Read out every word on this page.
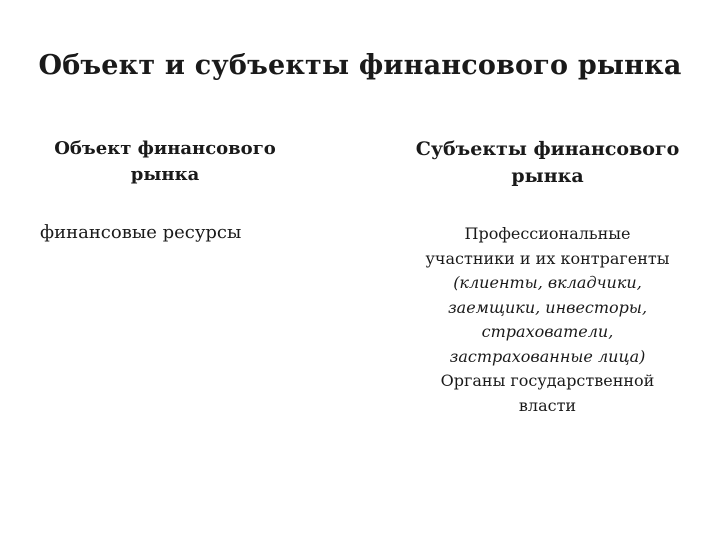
Объект и субъекты финансового рынка
Объект финансового
рынка
финансовые ресурсы
Субъекты финансового
рынка
Профессиональные
участники и их контрагенты
(клиенты, вкладчики,
заемщики, инвесторы,
страхователи,
застрахованные лица)
Органы государственной
власти
